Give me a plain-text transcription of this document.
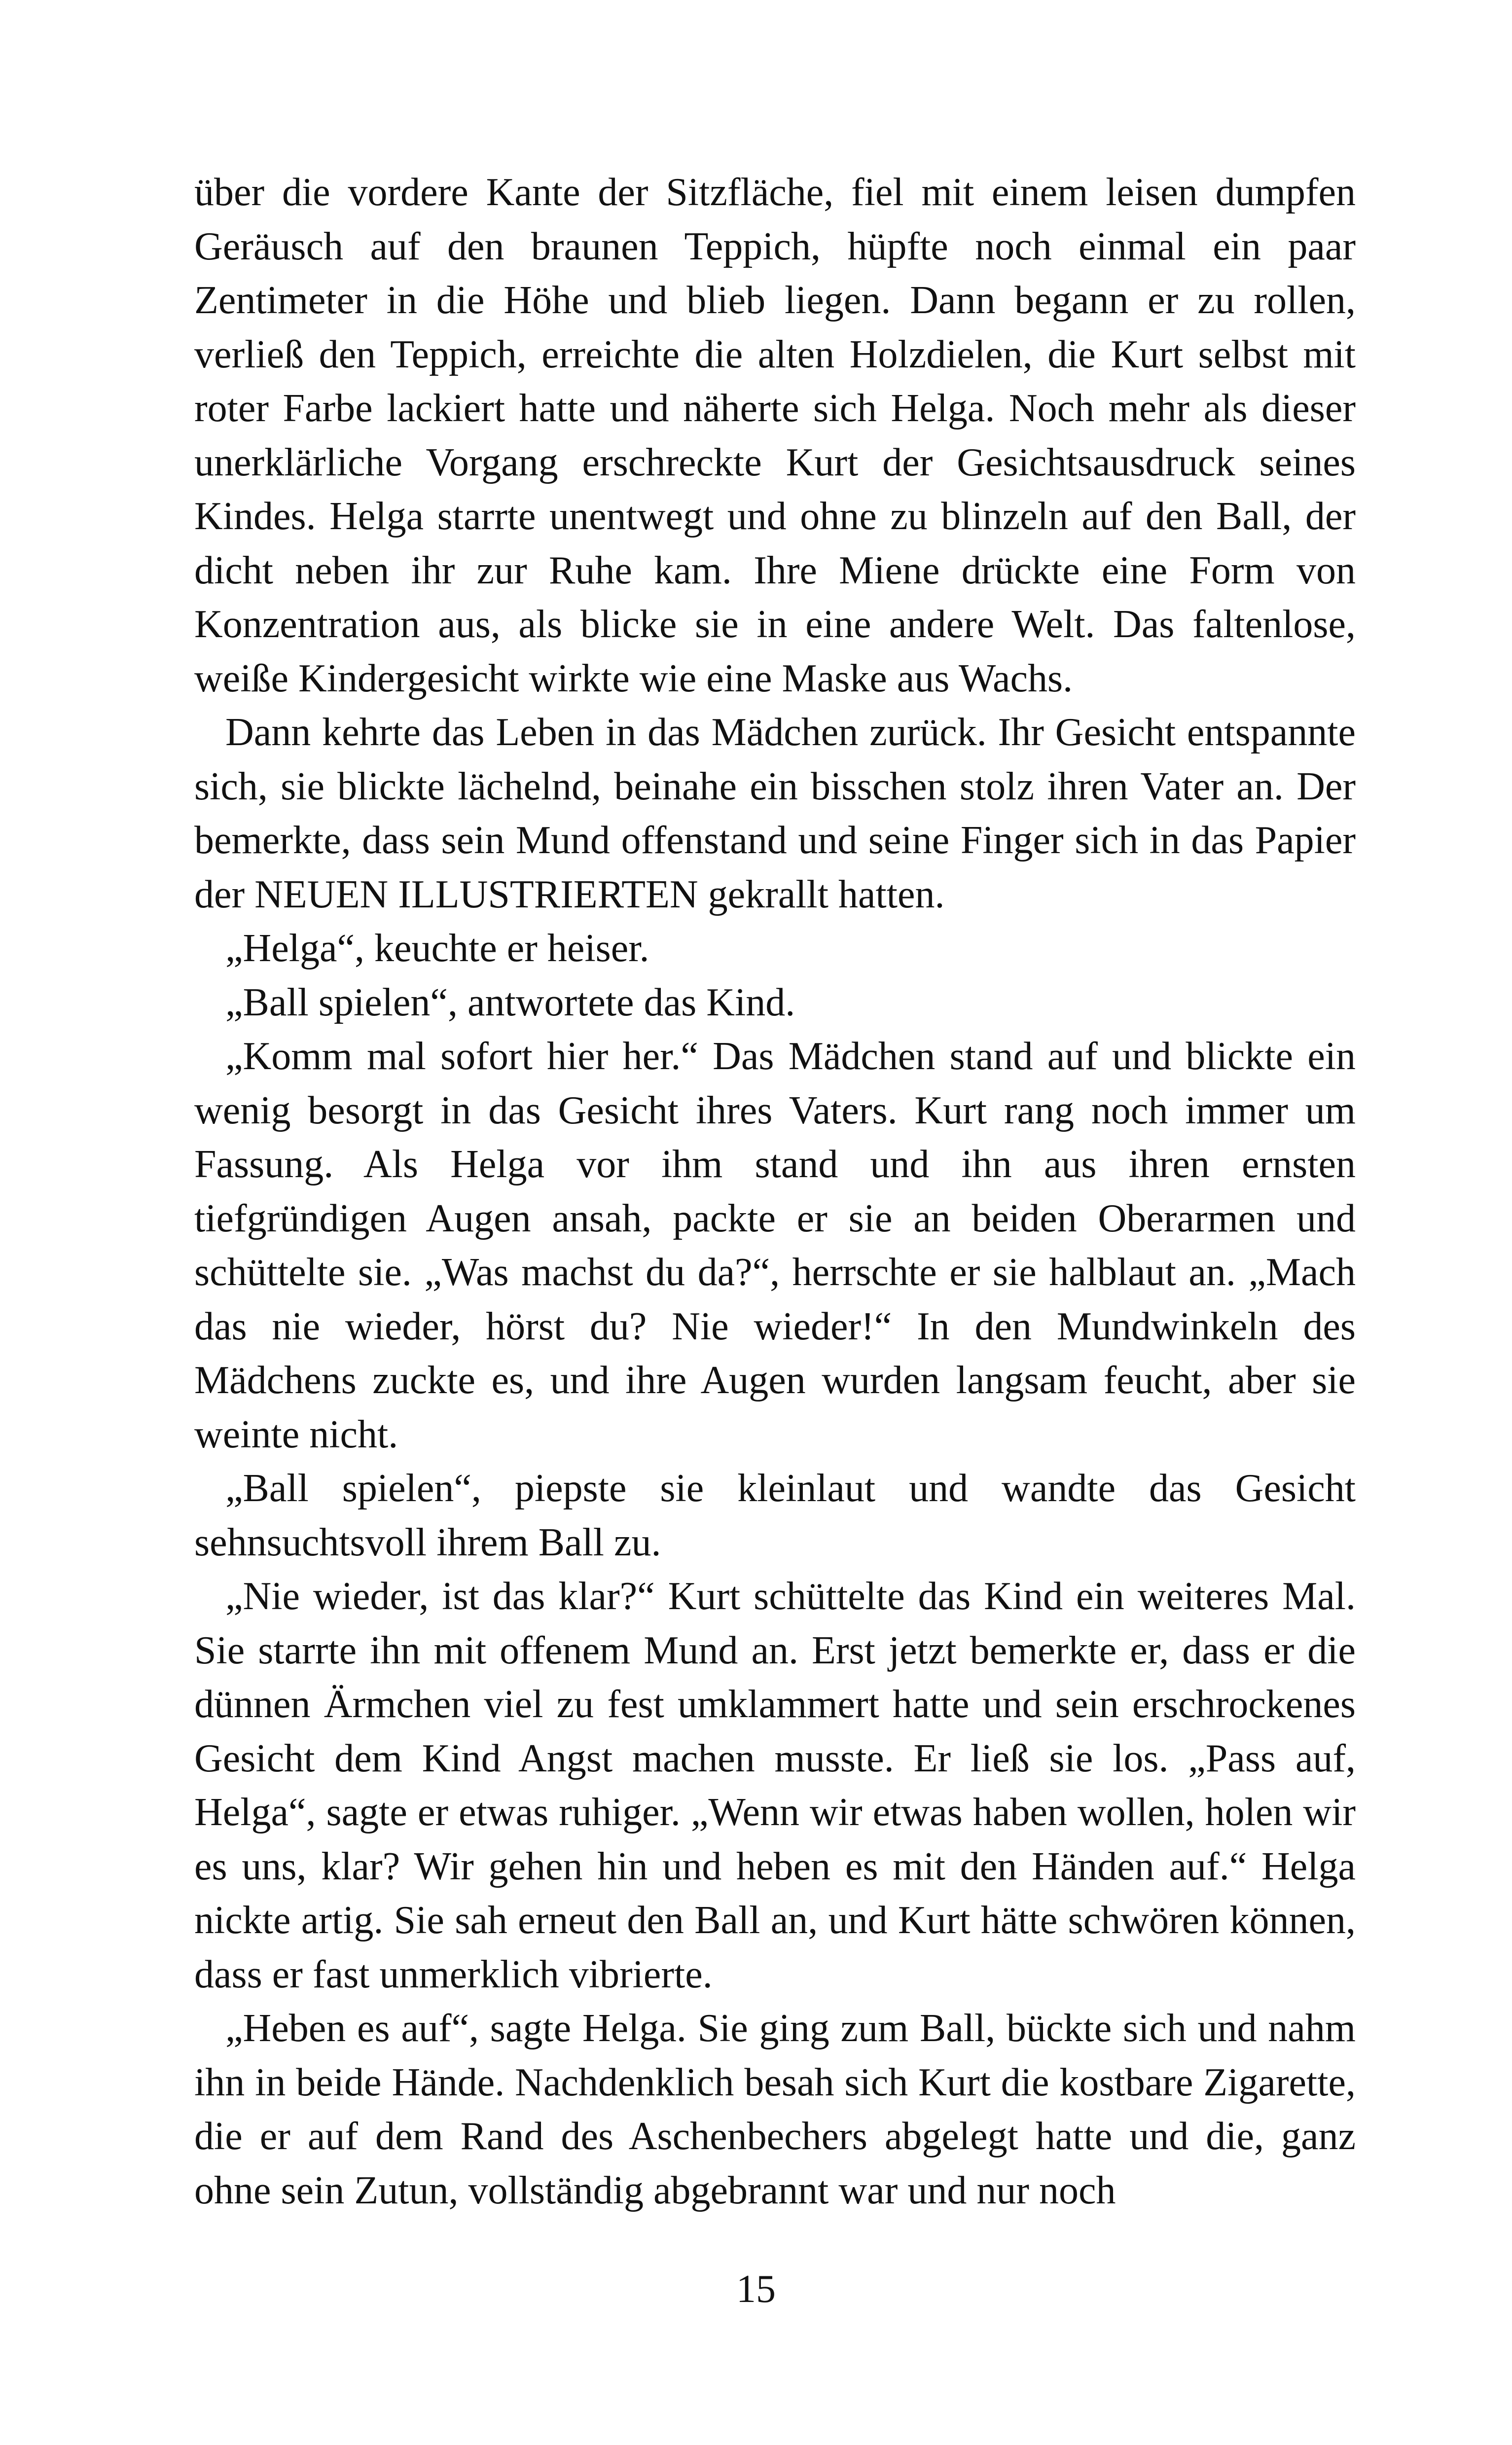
über die vordere Kante der Sitzfläche, fiel mit einem leisen dumpfen Geräusch auf den braunen Teppich, hüpfte noch einmal ein paar Zentimeter in die Höhe und blieb liegen. Dann begann er zu rollen, verließ den Teppich, erreichte die alten Holzdielen, die Kurt selbst mit roter Farbe lackiert hatte und näherte sich Helga. Noch mehr als dieser unerklärliche Vorgang erschreckte Kurt der Gesichtsausdruck seines Kindes. Helga starrte unentwegt und ohne zu blinzeln auf den Ball, der dicht neben ihr zur Ruhe kam. Ihre Miene drückte eine Form von Konzentration aus, als blicke sie in eine andere Welt. Das faltenlose, weiße Kindergesicht wirkte wie eine Maske aus Wachs.

Dann kehrte das Leben in das Mädchen zurück. Ihr Gesicht entspannte sich, sie blickte lächelnd, beinahe ein bisschen stolz ihren Vater an. Der bemerkte, dass sein Mund offenstand und seine Finger sich in das Papier der NEUEN ILLUSTRIERTEN gekrallt hatten.

„Helga“, keuchte er heiser.

„Ball spielen“, antwortete das Kind.

„Komm mal sofort hier her.“ Das Mädchen stand auf und blickte ein wenig besorgt in das Gesicht ihres Vaters. Kurt rang noch immer um Fassung. Als Helga vor ihm stand und ihn aus ihren ernsten tiefgründigen Augen ansah, packte er sie an beiden Oberarmen und schüttelte sie. „Was machst du da?“, herrschte er sie halblaut an. „Mach das nie wieder, hörst du? Nie wieder!“ In den Mundwinkeln des Mädchens zuckte es, und ihre Augen wurden langsam feucht, aber sie weinte nicht.

„Ball spielen“, piepste sie kleinlaut und wandte das Gesicht sehnsuchtsvoll ihrem Ball zu.

„Nie wieder, ist das klar?“ Kurt schüttelte das Kind ein weiteres Mal. Sie starrte ihn mit offenem Mund an. Erst jetzt bemerkte er, dass er die dünnen Ärmchen viel zu fest umklammert hatte und sein erschrockenes Gesicht dem Kind Angst machen musste. Er ließ sie los. „Pass auf, Helga“, sagte er etwas ruhiger. „Wenn wir etwas haben wollen, holen wir es uns, klar? Wir gehen hin und heben es mit den Händen auf.“ Helga nickte artig. Sie sah erneut den Ball an, und Kurt hätte schwören können, dass er fast unmerklich vibrierte.

„Heben es auf“, sagte Helga. Sie ging zum Ball, bückte sich und nahm ihn in beide Hände. Nachdenklich besah sich Kurt die kostbare Zigarette, die er auf dem Rand des Aschenbechers abgelegt hatte und die, ganz ohne sein Zutun, vollständig abgebrannt war und nur noch

15
